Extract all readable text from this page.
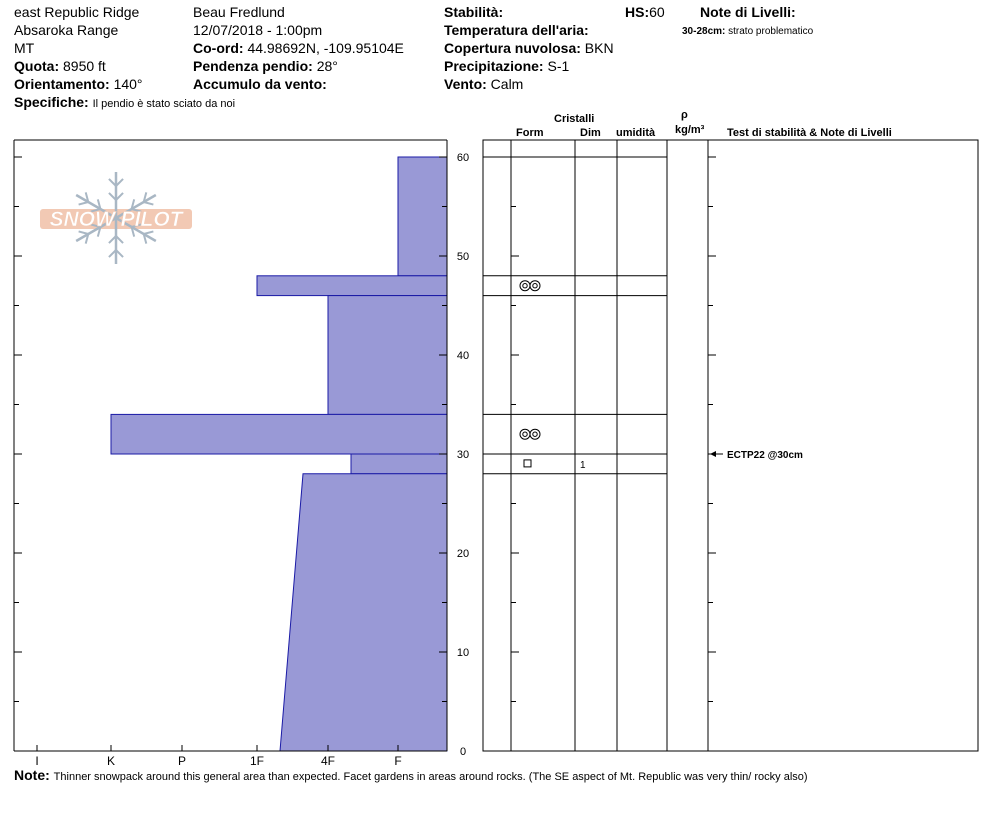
east Republic Ridge
Absaroka Range
MT
Quota: 8950 ft
Orientamento: 140°
Specifiche: Il pendio è stato sciato da noi
Beau Fredlund
12/07/2018 - 1:00pm
Co-ord: 44.98692N, -109.95104E
Pendenza pendio: 28°
Accumulo da vento:
Stabilità:
Temperatura dell'aria:
Copertura nuvolosa: BKN
Precipitazione: S-1
Vento: Calm
HS:60	Note di Livelli:
30-28cm: strato problematico
Cristalli
Form	Dim umidità
ρ
kg/m³ Test di stabilità & Note di Livelli
SNOW PILOT
0
10
20
30
40
50
60
I	K	P	1F	4F	F
1
ECTP22 @30cm
Note: Thinner snowpack around this general area than expected. Facet gardens in areas around rocks. (The SE aspect of Mt. Republic was very thin/ rocky also)
